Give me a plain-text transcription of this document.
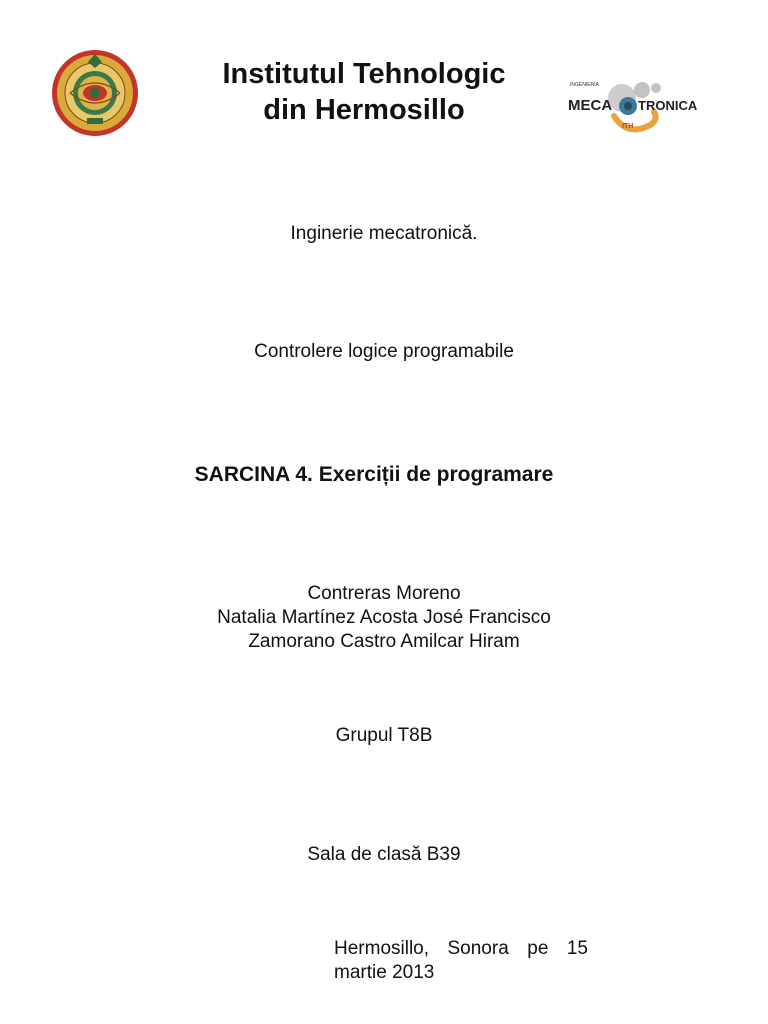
Institutul Tehnologic
din Hermosillo
INGENIERIA
MECA TRONICA
ITH
Inginerie mecatronică.
Controlere logice programabile
SARCINA 4. Exerciții de programare
Contreras Moreno
Natalia Martínez Acosta José Francisco
Zamorano Castro Amilcar Hiram
Grupul T8B
Sala de clasă B39
Hermosillo, Sonora pe 15
martie 2013
